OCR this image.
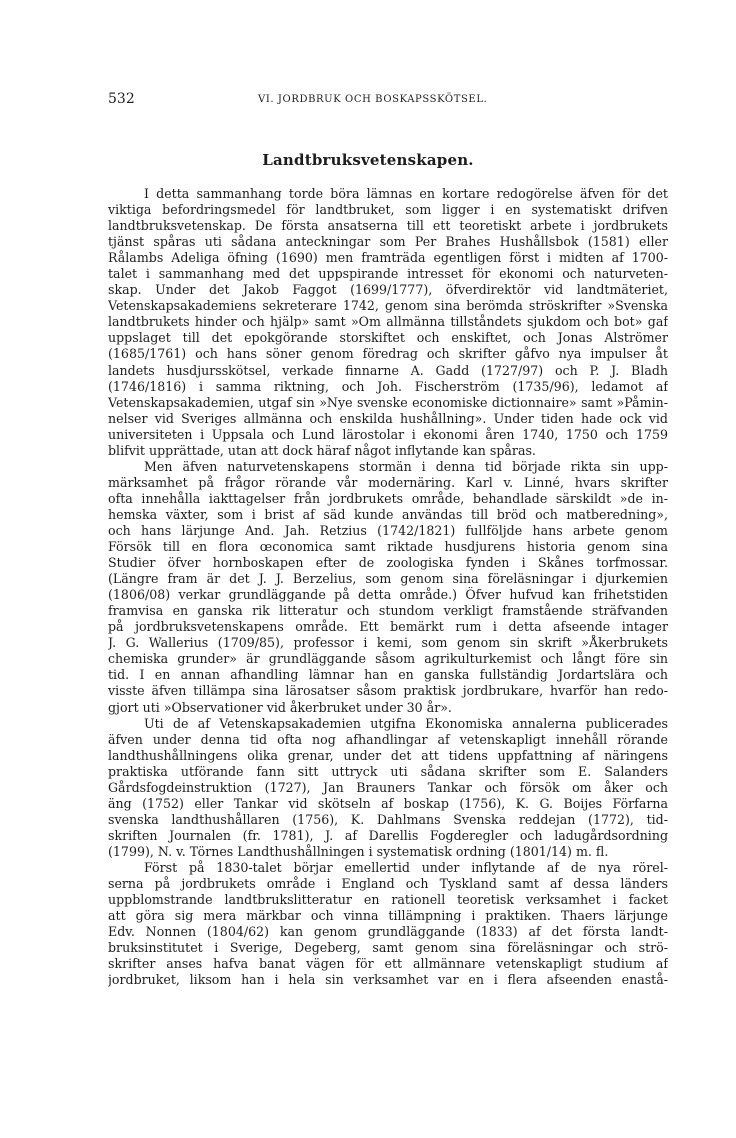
532	VI. JORDBRUK OCH BOSKAPSSKÖTSEL.
Landtbruksvetenskapen.
I detta sammanhang torde böra lämnas en kortare redogörelse äfven för det
viktiga befordringsmedel för landtbruket, som ligger i en systematiskt drifven
landtbruksvetenskap. De första ansatserna till ett teoretiskt arbete i jordbrukets
tjänst spåras uti sådana anteckningar som Per Brahes Hushållsbok (1581) eller
Rålambs Adeliga öfning (1690) men framträda egentligen först i midten af 1700-
talet i sammanhang med det uppspirande intresset för ekonomi och naturveten-
skap. Under det Jakob Faggot (1699/1777), öfverdirektör vid landtmäteriet,
Vetenskapsakademiens sekreterare 1742, genom sina berömda ströskrifter »Svenska
landtbrukets hinder och hjälp» samt »Om allmänna tillståndets sjukdom och bot» gaf
uppslaget till det epokgörande storskiftet och enskiftet, och Jonas Alströmer
(1685/1761) och hans söner genom föredrag och skrifter gåfvo nya impulser åt
landets husdjursskötsel, verkade finnarne A. Gadd (1727/97) och P. J. Bladh
(1746/1816) i samma riktning, och Joh. Fischerström (1735/96), ledamot af
Vetenskapsakademien, utgaf sin »Nye svenske economiske dictionnaire» samt »Påmin-
nelser vid Sveriges allmänna och enskilda hushållning». Under tiden hade ock vid
universiteten i Uppsala och Lund lärostolar i ekonomi åren 1740, 1750 och 1759
blifvit upprättade, utan att dock häraf något inflytande kan spåras.
Men äfven naturvetenskapens stormän i denna tid började rikta sin upp-
märksamhet på frågor rörande vår modernäring. Karl v. Linné, hvars skrifter
ofta innehålla iakttagelser från jordbrukets område, behandlade särskildt »de in-
hemska växter, som i brist af säd kunde användas till bröd och matberedning»,
och hans lärjunge And. Jah. Retzius (1742/1821) fullföljde hans arbete genom
Försök till en flora œconomica samt riktade husdjurens historia genom sina
Studier öfver hornboskapen efter de zoologiska fynden i Skånes torfmossar.
(Längre fram är det J. J. Berzelius, som genom sina föreläsningar i djurkemien
(1806/08) verkar grundläggande på detta område.) Öfver hufvud kan frihetstiden
framvisa en ganska rik litteratur och stundom verkligt framstående sträfvanden
på jordbruksvetenskapens område. Ett bemärkt rum i detta afseende intager
J. G. Wallerius (1709/85), professor i kemi, som genom sin skrift »Åkerbrukets
chemiska grunder» är grundläggande såsom agrikulturkemist och långt före sin
tid. I en annan afhandling lämnar han en ganska fullständig Jordartslära och
visste äfven tillämpa sina lärosatser såsom praktisk jordbrukare, hvarför han redo-
gjort uti »Observationer vid åkerbruket under 30 år».
Uti de af Vetenskapsakademien utgifna Ekonomiska annalerna publicerades
äfven under denna tid ofta nog afhandlingar af vetenskapligt innehåll rörande
landthushållningens olika grenar, under det att tidens uppfattning af näringens
praktiska utförande fann sitt uttryck uti sådana skrifter som E. Salanders
Gårdsfogdeinstruktion (1727), Jan Brauners Tankar och försök om åker och
äng (1752) eller Tankar vid skötseln af boskap (1756), K. G. Boijes Förfarna
svenska landthushållaren (1756), K. Dahlmans Svenska reddejan (1772), tid-
skriften Journalen (fr. 1781), J. af Darellis Fogderegler och ladugårdsordning
(1799), N. v. Törnes Landthushållningen i systematisk ordning (1801/14) m. fl.
Först på 1830-talet börjar emellertid under inflytande af de nya rörel-
serna på jordbrukets område i England och Tyskland samt af dessa länders
uppblomstrande landtbrukslitteratur en rationell teoretisk verksamhet i facket
att göra sig mera märkbar och vinna tillämpning i praktiken. Thaers lärjunge
Edv. Nonnen (1804/62) kan genom grundläggande (1833) af det första landt-
bruksinstitutet i Sverige, Degeberg, samt genom sina föreläsningar och strö-
skrifter anses hafva banat vägen för ett allmännare vetenskapligt studium af
jordbruket, liksom han i hela sin verksamhet var en i flera afseenden enastå-
